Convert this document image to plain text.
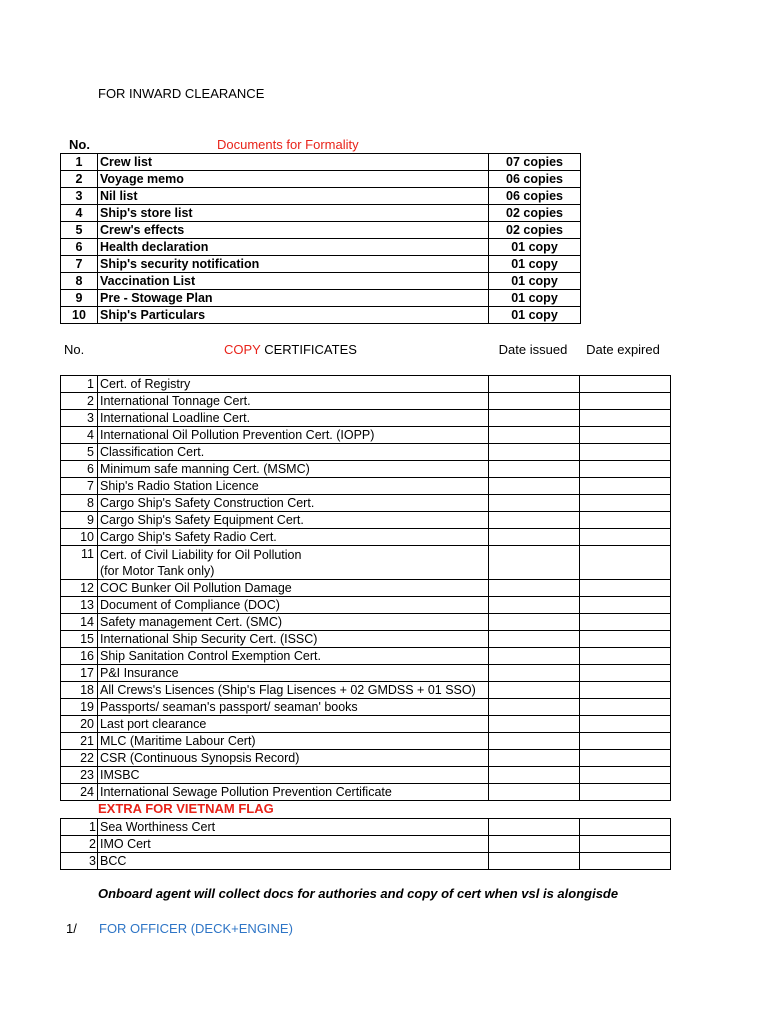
FOR INWARD CLEARANCE
No.	Documents for Formality
1	Crew list	07 copies
2	Voyage memo	06 copies
3	Nil list	06 copies
4	Ship's store list	02 copies
5	Crew's effects	02 copies
6	Health declaration	01 copy
7	Ship's security notification	01 copy
8	Vaccination List	01 copy
9	Pre - Stowage Plan	01 copy
10	Ship's Particulars	01 copy
No.	COPY CERTIFICATES	Date issued	Date expired
1	Cert. of Registry		
2	International Tonnage Cert.		
3	International Loadline Cert.		
4	International Oil Pollution Prevention Cert. (IOPP)		
5	Classification Cert.		
6	Minimum safe manning Cert. (MSMC)		
7	Ship's Radio Station Licence		
8	Cargo Ship's Safety Construction Cert.		
9	Cargo Ship's Safety Equipment Cert.		
10	Cargo Ship's Safety Radio Cert.		
11	Cert. of Civil Liability for Oil Pollution
(for Motor Tank only)		

12	COC Bunker Oil Pollution Damage		
13	Document of Compliance (DOC)		
14	Safety management Cert. (SMC)		
15	International Ship Security Cert. (ISSC)		
16	Ship Sanitation Control Exemption Cert.		
17	P&I Insurance		
18	All Crews's Lisences (Ship's Flag Lisences + 02 GMDSS + 01 SSO)		
19	Passports/ seaman's passport/ seaman' books		
20	Last port clearance		
21	MLC (Maritime Labour Cert)		
22	CSR (Continuous Synopsis Record)		
23	IMSBC		
24	International Sewage Pollution Prevention Certificate		
EXTRA FOR VIETNAM FLAG
1	Sea Worthiness Cert		
2	IMO Cert		
3	BCC		
Onboard agent will collect docs for authories and copy of cert when vsl is alongisde
1/ FOR OFFICER (DECK+ENGINE)
